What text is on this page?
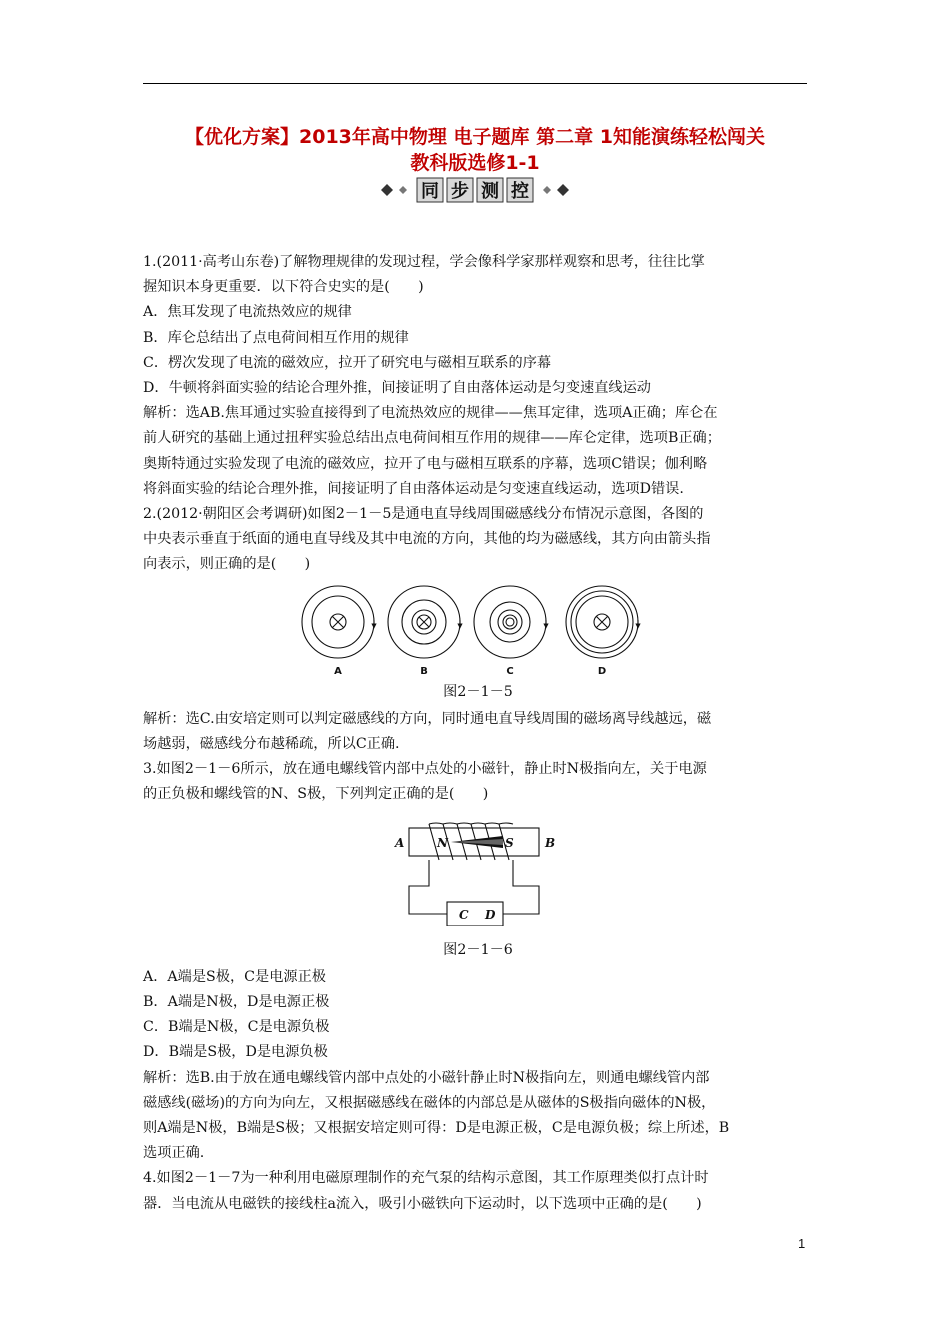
【优化方案】2013年高中物理 电子题库 第二章 1知能演练轻松闯关
教科版选修1-1
同 步 测 控

1.(2011·高考山东卷)了解物理规律的发现过程，学会像科学家那样观察和思考，往往比掌

握知识本身更重要．以下符合史实的是(　　)

A．焦耳发现了电流热效应的规律

B．库仑总结出了点电荷间相互作用的规律

C．楞次发现了电流的磁效应，拉开了研究电与磁相互联系的序幕

D．牛顿将斜面实验的结论合理外推，间接证明了自由落体运动是匀变速直线运动

解析：选AB.焦耳通过实验直接得到了电流热效应的规律——焦耳定律，选项A正确；库仑在

前人研究的基础上通过扭秤实验总结出点电荷间相互作用的规律——库仑定律，选项B正确；

奥斯特通过实验发现了电流的磁效应，拉开了电与磁相互联系的序幕，选项C错误；伽利略

将斜面实验的结论合理外推，间接证明了自由落体运动是匀变速直线运动，选项D错误.

2.(2012·朝阳区会考调研)如图2－1－5是通电直导线周围磁感线分布情况示意图，各图的

中央表示垂直于纸面的通电直导线及其中电流的方向，其他的均为磁感线，其方向由箭头指

向表示，则正确的是(　　)

A	B	C	D

图2－1－5

解析：选C.由安培定则可以判定磁感线的方向，同时通电直导线周围的磁场离导线越远，磁

场越弱，磁感线分布越稀疏，所以C正确.

3.如图2－1－6所示，放在通电螺线管内部中点处的小磁针，静止时N极指向左，关于电源

的正负极和螺线管的N、S极，下列判定正确的是(　　)

A	B
N	S
C D

图2－1－6

A．A端是S极，C是电源正极

B．A端是N极，D是电源正极

C．B端是N极，C是电源负极

D．B端是S极，D是电源负极

解析：选B.由于放在通电螺线管内部中点处的小磁针静止时N极指向左，则通电螺线管内部

磁感线(磁场)的方向为向左，又根据磁感线在磁体的内部总是从磁体的S极指向磁体的N极，

则A端是N极，B端是S极；又根据安培定则可得：D是电源正极，C是电源负极；综上所述，B

选项正确.

4.如图2－1－7为一种利用电磁原理制作的充气泵的结构示意图，其工作原理类似打点计时

器．当电流从电磁铁的接线柱a流入，吸引小磁铁向下运动时，以下选项中正确的是(　　)

1
